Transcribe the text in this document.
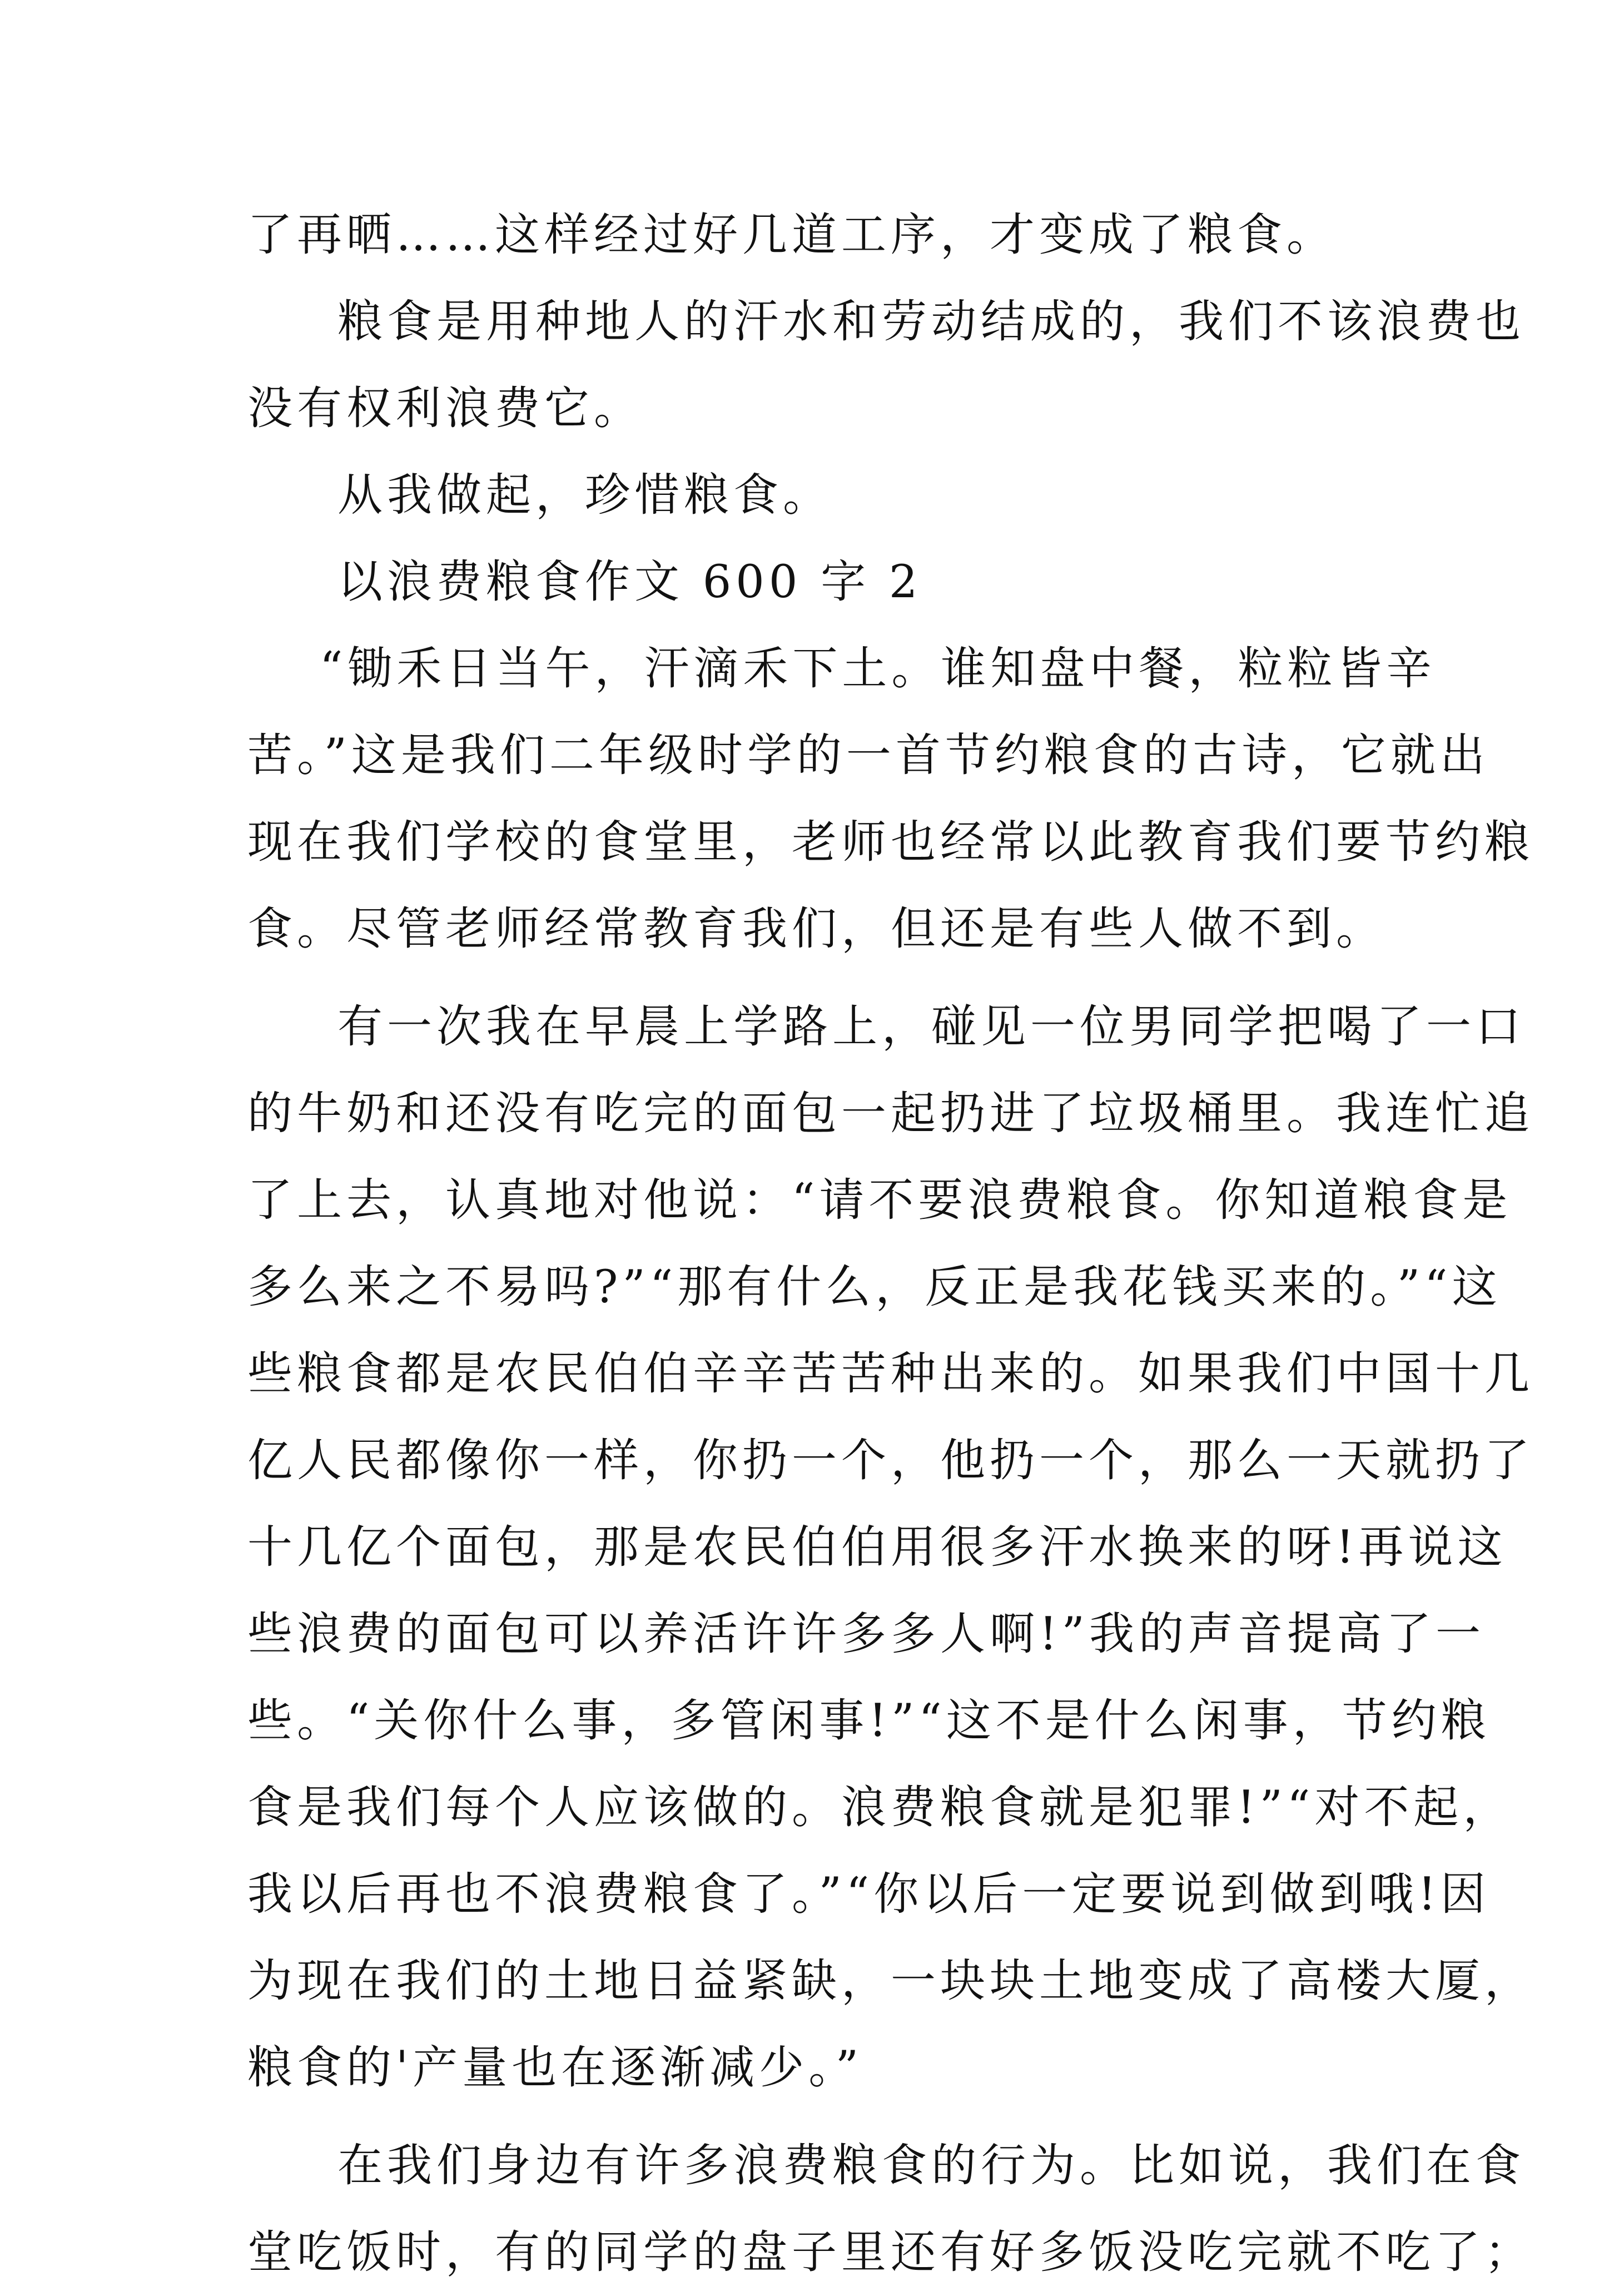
了再晒……这样经过好几道工序，才变成了粮食。
粮食是用种地人的汗水和劳动结成的，我们不该浪费也
没有权利浪费它。
从我做起，珍惜粮食。
以浪费粮食作文 600 字 2
“锄禾日当午，汗滴禾下土。谁知盘中餐，粒粒皆辛
苦。”这是我们二年级时学的一首节约粮食的古诗，它就出
现在我们学校的食堂里，老师也经常以此教育我们要节约粮
食。尽管老师经常教育我们，但还是有些人做不到。
有一次我在早晨上学路上，碰见一位男同学把喝了一口
的牛奶和还没有吃完的面包一起扔进了垃圾桶里。我连忙追
了上去，认真地对他说：“请不要浪费粮食。你知道粮食是
多么来之不易吗?”“那有什么，反正是我花钱买来的。”“这
些粮食都是农民伯伯辛辛苦苦种出来的。如果我们中国十几
亿人民都像你一样，你扔一个，他扔一个，那么一天就扔了
十几亿个面包，那是农民伯伯用很多汗水换来的呀!再说这
些浪费的面包可以养活许许多多人啊!”我的声音提高了一
些。“关你什么事，多管闲事!”“这不是什么闲事，节约粮
食是我们每个人应该做的。浪费粮食就是犯罪!”“对不起，
我以后再也不浪费粮食了。”“你以后一定要说到做到哦!因
为现在我们的土地日益紧缺，一块块土地变成了高楼大厦，
粮食的'产量也在逐渐减少。”
在我们身边有许多浪费粮食的行为。比如说，我们在食
堂吃饭时，有的同学的盘子里还有好多饭没吃完就不吃了；
